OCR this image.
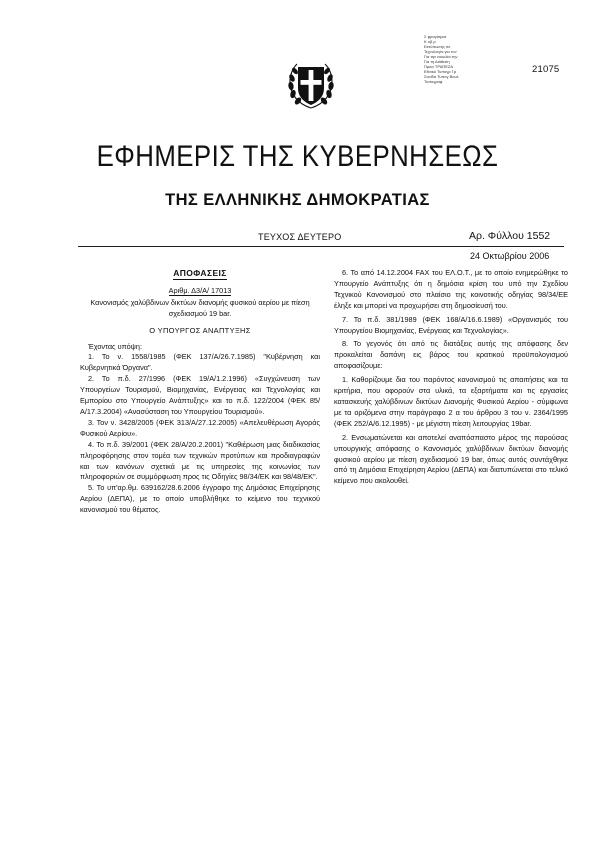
Σ φραγίσματ
Κ υβ ρ
Εκτύπωσης σε
Τεχνολογία για τον
Για την ευκολία την
Για τη Διάθεση
Προσ ΤΡΑΠΕΖΑ
Εθνικό Τυπογρ Γρ
Σανίδα Τυπογ Βουλ
Τυπογραφ
21075
ΕΦΗΜΕΡΙΣ ΤΗΣ ΚΥΒΕΡΝΗΣΕΩΣ
ΤΗΣ ΕΛΛΗΝΙΚΗΣ ΔΗΜΟΚΡΑΤΙΑΣ
ΤΕΥΧΟΣ ΔΕΥΤΕΡΟ	Αρ. Φύλλου 1552
24 Οκτωβρίου 2006

ΑΠΟΦΑΣΕΙΣ

Αριθμ. Δ3/Α/ 17013

Κανονισμός χαλύβδινων δικτύων διανομής φυσικού αερίου με πίεση σχεδιασμού 19 bar.

Ο ΥΠΟΥΡΓΟΣ ΑΝΑΠΤΥΞΗΣ

Έχοντας υπόψη:

1. Το ν. 1558/1985 (ΦΕΚ 137/Α/26.7.1985) "Κυβέρνηση και Κυβερνητικά Όργανα".

2. Το π.δ. 27/1996 (ΦΕΚ 19/Α/1.2.1996) «Συγχώνευση των Υπουργείων Τουρισμού, Βιομηχανίας, Ενέργειας και Τεχνολογίας και Εμπορίου στο Υπουργείο Ανάπτυξης» και το π.δ. 122/2004 (ΦΕΚ 85/Α/17.3.2004) «Ανασύσταση του Υπουργείου Τουρισμού».

3. Τον ν. 3428/2005 (ΦΕΚ 313/Α/27.12.2005) «Απελευθέρωση Αγοράς Φυσικού Αερίου».

4. Το π.δ. 39/2001 (ΦΕΚ 28/Α/20.2.2001) "Καθιέρωση μιας διαδικασίας πληροφόρησης στον τομέα των τεχνικών προτύπων και προδιαγραφών και των κανόνων σχετικά με τις υπηρεσίες της κοινωνίας των πληροφοριών σε συμμόρφωση προς τις Οδηγίες 98/34/ΕΚ και 98/48/ΕΚ".

5. Το υπ'αρ.θμ. 639162/28.6.2006 έγγραφο της Δημόσιας Επιχείρησης Αερίου (ΔΕΠΑ), με το οποίο υποβλήθηκε το κείμενο του τεχνικού κανονισμού του θέματος.

6. Το από 14.12.2004 FAX του ΕΛ.Ο.Τ., με το οποίο ενημερώθηκε το Υπουργείο Ανάπτυξης ότι η δημόσια κρίση του υπό την Σχεδίου Τεχνικού Κανονισμού στο πλαίσιο της κοινοτικής οδηγίας 98/34/ΕΕ έληξε και μπορεί να προχωρήσει στη δημοσίευσή του.

7. Το π.δ. 381/1989 (ΦΕΚ 168/Α/16.6.1989) «Οργανισμός του Υπουργείου Βιομηχανίας, Ενέργειας και Τεχνολογίας».

8. Το γεγονός ότι από τις διατάξεις αυτής της απόφασης δεν προκαλείται δαπάνη εις βάρος του κρατικού προϋπολογισμού αποφασίζουμε:

1. Καθορίζουμε δια του παρόντος κανονισμού τις απαιτήσεις και τα κριτήρια, που αφορούν στα υλικά, τα εξαρτήματα και τις εργασίες κατασκευής χαλύβδινων δικτύων Διανομής Φυσικού Αερίου - σύμφωνα με τα οριζόμενα στην παράγραφο 2 α του άρθρου 3 του ν. 2364/1995 (ΦΕΚ 252/Α/6.12.1995) - με μέγιστη πίεση λειτουργίας 19bar.

2. Ενσωματώνεται και αποτελεί αναπόσπαστο μέρος της παρούσας υπουργικής απόφασης ο Κανονισμός χαλύβδινων δικτύων διανομής φυσικού αερίου με πίεση σχεδιασμού 19 bar, όπως αυτός συντάχθηκε από τη Δημόσια Επιχείρηση Αερίου (ΔΕΠΑ) και διατυπώνεται στο τελικό κείμενο που ακολουθεί.
